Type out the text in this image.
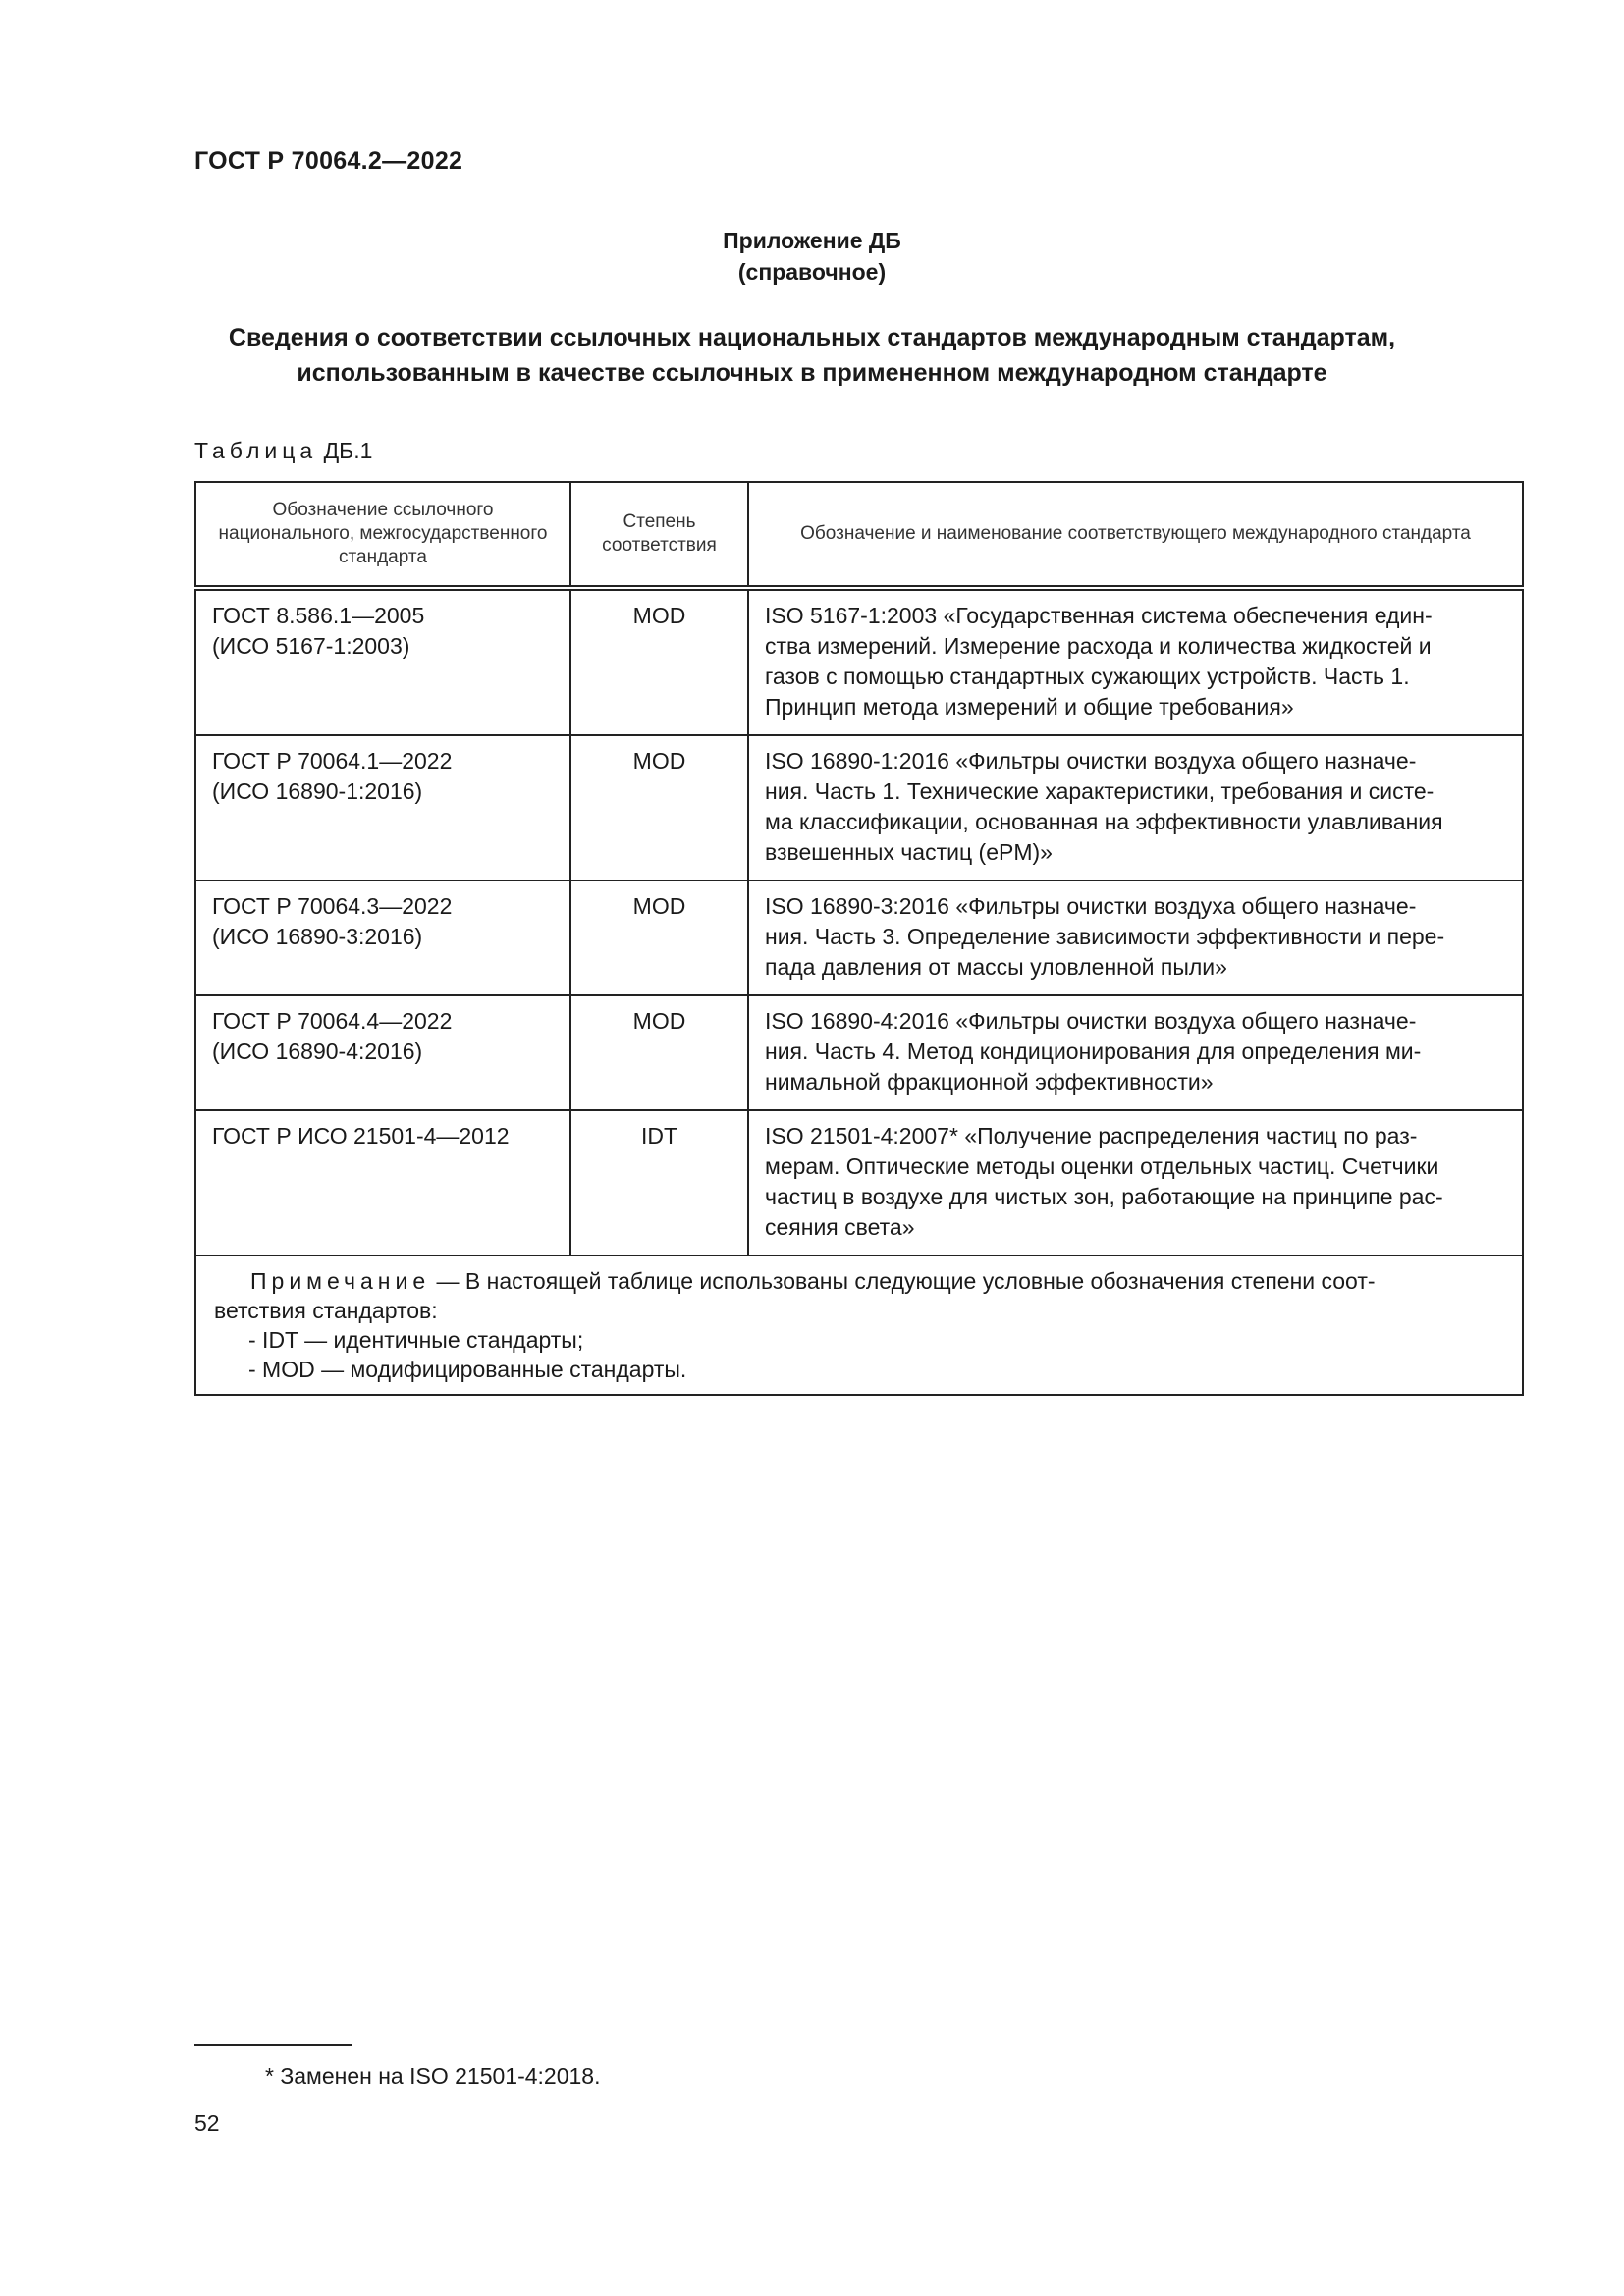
ГОСТ Р 70064.2—2022
Приложение ДБ
(справочное)
Сведения о соответствии ссылочных национальных стандартов международным стандартам,
использованным в качестве ссылочных в примененном международном стандарте
Таблица ДБ.1
Обозначение ссылочного национального, межгосударственного стандарта	Степень соответствия	Обозначение и наименование соответствующего международного стандарта

ГОСТ 8.586.1—2005
(ИСО 5167-1:2003)	MOD	ISO 5167-1:2003 «Государственная система обеспечения един-
ства измерений. Измерение расхода и количества жидкостей и
газов с помощью стандартных сужающих устройств. Часть 1.
Принцип метода измерений и общие требования»

ГОСТ Р 70064.1—2022
(ИСО 16890-1:2016)	MOD	ISO 16890-1:2016 «Фильтры очистки воздуха общего назначе-
ния. Часть 1. Технические характеристики, требования и систе-
ма классификации, основанная на эффективности улавливания
взвешенных частиц (ePM)»

ГОСТ Р 70064.3—2022
(ИСО 16890-3:2016)	MOD	ISO 16890-3:2016 «Фильтры очистки воздуха общего назначе-
ния. Часть 3. Определение зависимости эффективности и пере-
пада давления от массы уловленной пыли»

ГОСТ Р 70064.4—2022
(ИСО 16890-4:2016)	MOD	ISO 16890-4:2016 «Фильтры очистки воздуха общего назначе-
ния. Часть 4. Метод кондиционирования для определения ми-
нимальной фракционной эффективности»

ГОСТ Р ИСО 21501-4—2012	IDT	ISO 21501-4:2007* «Получение распределения частиц по раз-
мерам. Оптические методы оценки отдельных частиц. Счетчики
частиц в воздухе для чистых зон, работающие на принципе рас-
сеяния света»

Примечание — В настоящей таблице использованы следующие условные обозначения степени соот-
ветствия стандартов:
- IDT — идентичные стандарты;
- MOD — модифицированные стандарты.		
* Заменен на ISO 21501-4:2018.
52
